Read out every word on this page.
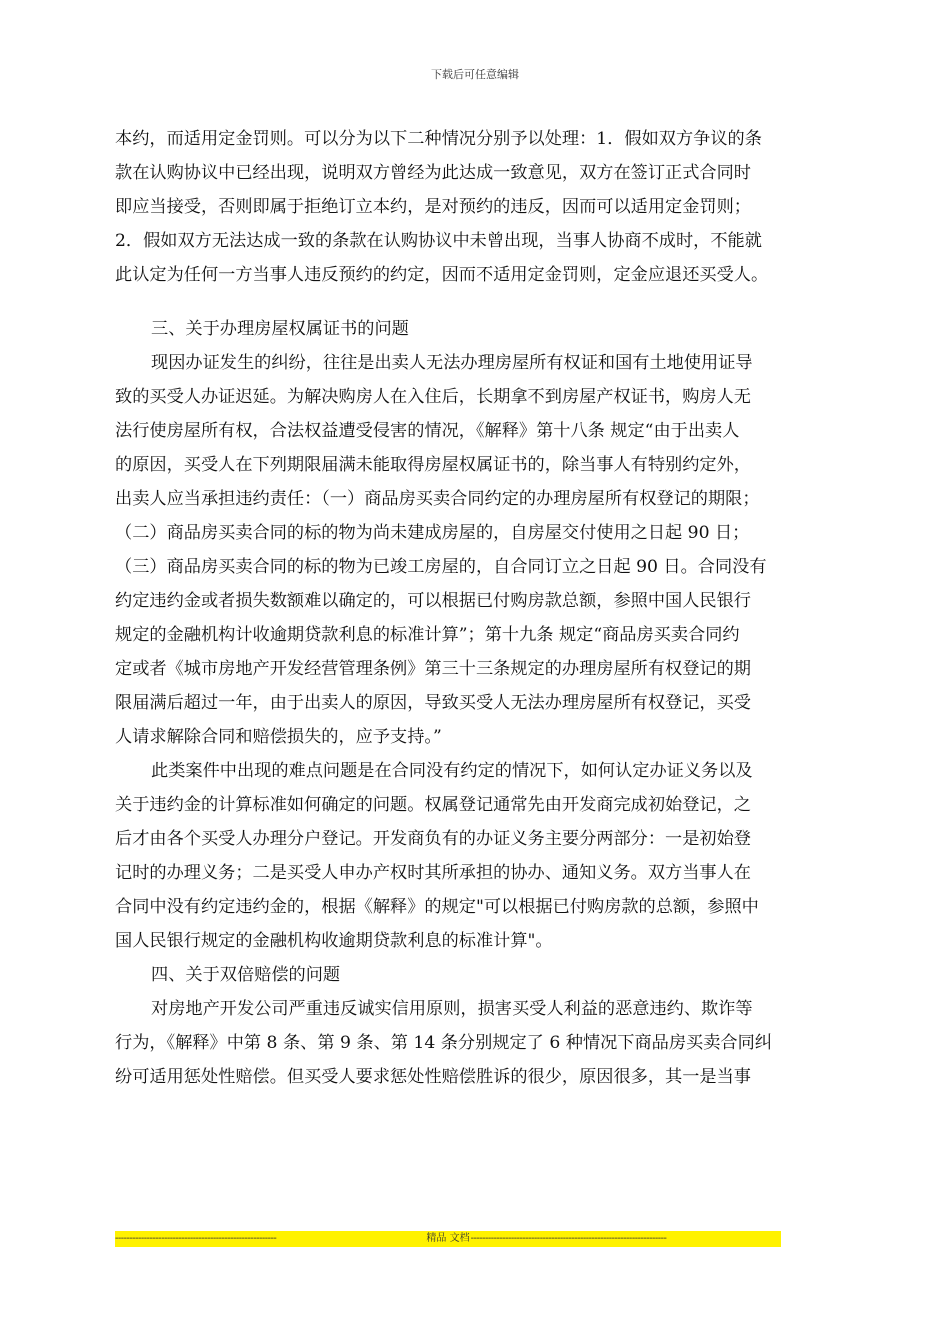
下载后可任意编辑
本约，而适用定金罚则。可以分为以下二种情况分别予以处理：1．假如双方争议的条
款在认购协议中已经出现，说明双方曾经为此达成一致意见，双方在签订正式合同时
即应当接受，否则即属于拒绝订立本约，是对预约的违反，因而可以适用定金罚则；
2．假如双方无法达成一致的条款在认购协议中未曾出现，当事人协商不成时，不能就
此认定为任何一方当事人违反预约的约定，因而不适用定金罚则，定金应退还买受人。
三、关于办理房屋权属证书的问题
现因办证发生的纠纷，往往是出卖人无法办理房屋所有权证和国有土地使用证导
致的买受人办证迟延。为解决购房人在入住后，长期拿不到房屋产权证书，购房人无
法行使房屋所有权，合法权益遭受侵害的情况，《解释》第十八条 规定“由于出卖人
的原因，买受人在下列期限届满未能取得房屋权属证书的，除当事人有特别约定外，
出卖人应当承担违约责任：（一）商品房买卖合同约定的办理房屋所有权登记的期限；
（二）商品房买卖合同的标的物为尚未建成房屋的，自房屋交付使用之日起 90 日；
（三）商品房买卖合同的标的物为已竣工房屋的，自合同订立之日起 90 日。合同没有
约定违约金或者损失数额难以确定的，可以根据已付购房款总额，参照中国人民银行
规定的金融机构计收逾期贷款利息的标准计算”；第十九条 规定“商品房买卖合同约
定或者《城市房地产开发经营管理条例》第三十三条规定的办理房屋所有权登记的期
限届满后超过一年，由于出卖人的原因，导致买受人无法办理房屋所有权登记，买受
人请求解除合同和赔偿损失的，应予支持。”
此类案件中出现的难点问题是在合同没有约定的情况下，如何认定办证义务以及
关于违约金的计算标准如何确定的问题。权属登记通常先由开发商完成初始登记，之
后才由各个买受人办理分户登记。开发商负有的办证义务主要分两部分：一是初始登
记时的办理义务；二是买受人申办产权时其所承担的协办、通知义务。双方当事人在
合同中没有约定违约金的，根据《解释》的规定"可以根据已付购房款的总额，参照中
国人民银行规定的金融机构收逾期贷款利息的标准计算"。
四、关于双倍赔偿的问题
对房地产开发公司严重违反诚实信用原则，损害买受人利益的恶意违约、欺诈等
行为，《解释》中第 8 条、第 9 条、第 14 条分别规定了 6 种情况下商品房买卖合同纠
纷可适用惩处性赔偿。但买受人要求惩处性赔偿胜诉的很少，原因很多，其一是当事
--------------------------------------------------------	精品 文档 --------------------------------------------------------------------
